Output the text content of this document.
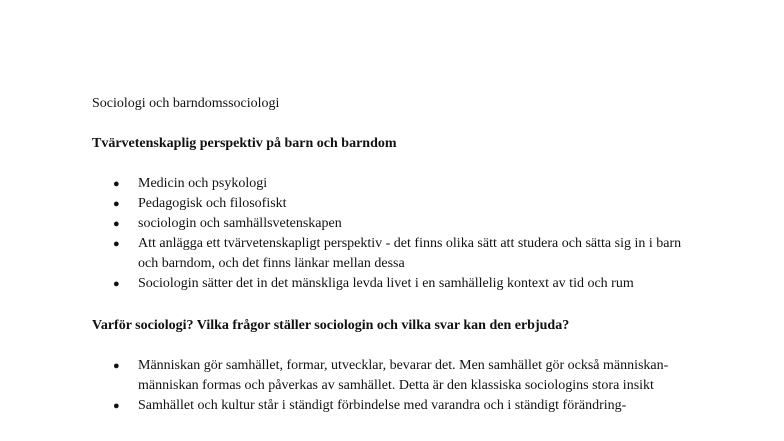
Sociologi och barndomssociologi
Tvärvetenskaplig perspektiv på barn och barndom
● Medicin och psykologi
● Pedagogisk och filosofiskt
● sociologin och samhällsvetenskapen
● Att anlägga ett tvärvetenskapligt perspektiv - det finns olika sätt att studera och sätta sig in i barn och barndom, och det finns länkar mellan dessa
● Sociologin sätter det in det mänskliga levda livet i en samhällelig kontext av tid och rum
Varför sociologi? Vilka frågor ställer sociologin och vilka svar kan den erbjuda?
● Människan gör samhället, formar, utvecklar, bevarar det. Men samhället gör också människan- människan formas och påverkas av samhället. Detta är den klassiska sociologins stora insikt
● Samhället och kultur står i ständigt förbindelse med varandra och i ständigt förändring-
